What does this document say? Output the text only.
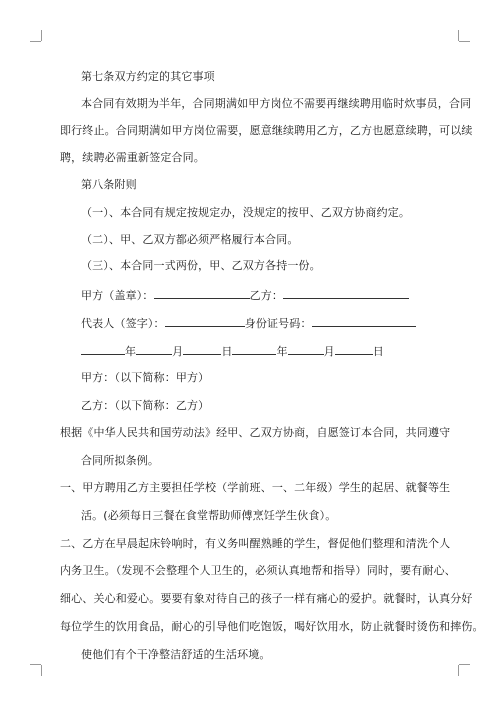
第七条双方约定的其它事项
本合同有效期为半年，合同期满如甲方岗位不需要再继续聘用临时炊事员，合同
即行终止。合同期满如甲方岗位需要，愿意继续聘用乙方，乙方也愿意续聘，可以续
聘，续聘必需重新签定合同。
第八条附则
（一）、本合同有规定按规定办，没规定的按甲、乙双方协商约定。
（二）、甲、乙双方都必须严格履行本合同。
（三）、本合同一式两份，甲、乙双方各持一份。
甲方（盖章）：	乙方：
代表人（签字）：	身份证号码：
年	月	日	年	月	日
甲方：（以下简称：甲方）
乙方：（以下简称：乙方）
根据《中华人民共和国劳动法》经甲、乙双方协商，自愿签订本合同，共同遵守
合同所拟条例。
一、甲方聘用乙方主要担任学校（学前班、一、二年级）学生的起居、就餐等生
活。(必须每日三餐在食堂帮助师傅烹饪学生伙食）。
二、乙方在早晨起床铃响时，有义务叫醒熟睡的学生，督促他们整理和清洗个人
内务卫生。（发现不会整理个人卫生的，必须认真地帮和指导）同时，要有耐心、
细心、关心和爱心。要要有象对待自己的孩子一样有痛心的爱护。就餐时，认真分好
每位学生的饮用食品，耐心的引导他们吃饱饭，喝好饮用水，防止就餐时烫伤和摔伤。
使他们有个干净整洁舒适的生活环境。
